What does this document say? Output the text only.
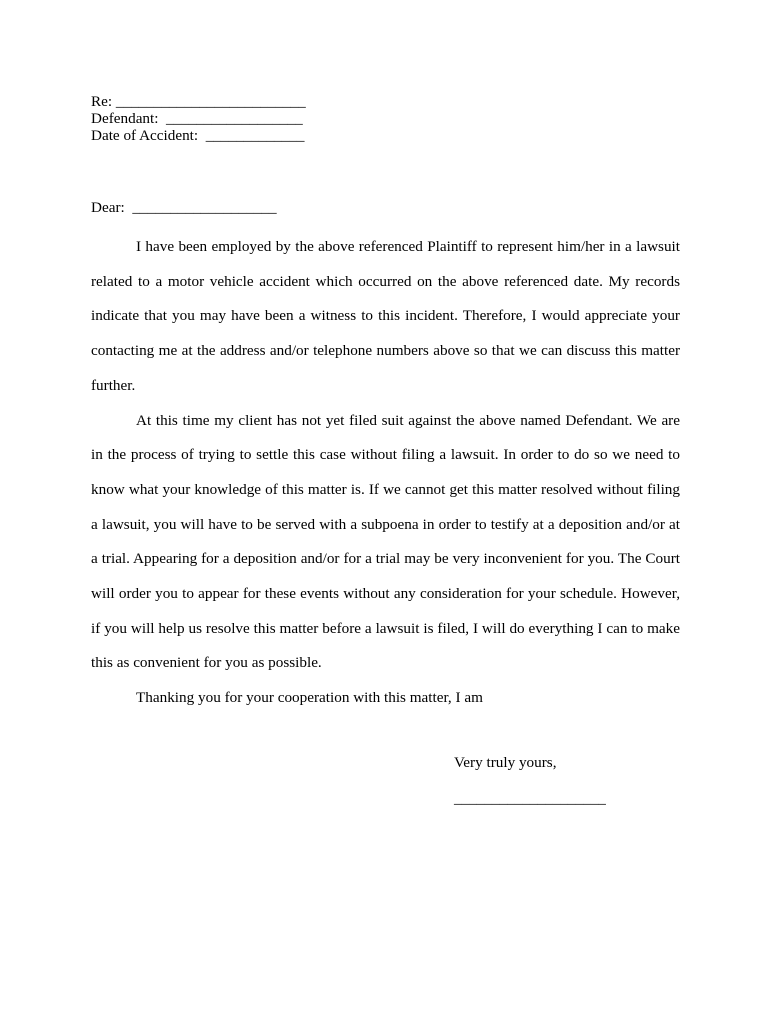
Re: _________________________
Defendant:  __________________
Date of Accident:  _____________
Dear:  ___________________

I have been employed by the above referenced Plaintiff to represent him/her in a lawsuit related to a motor vehicle accident which occurred on the above referenced date. My records indicate that you may have been a witness to this incident. Therefore, I would appreciate your contacting me at the address and/or telephone numbers above so that we can discuss this matter further.

At this time my client has not yet filed suit against the above named Defendant. We are in the process of trying to settle this case without filing a lawsuit. In order to do so we need to know what your knowledge of this matter is. If we cannot get this matter resolved without filing a lawsuit, you will have to be served with a subpoena in order to testify at a deposition and/or at a trial. Appearing for a deposition and/or for a trial may be very inconvenient for you. The Court will order you to appear for these events without any consideration for your schedule. However, if you will help us resolve this matter before a lawsuit is filed, I will do everything I can to make this as convenient for you as possible.

Thanking you for your cooperation with this matter, I am

Very truly yours,
____________________
